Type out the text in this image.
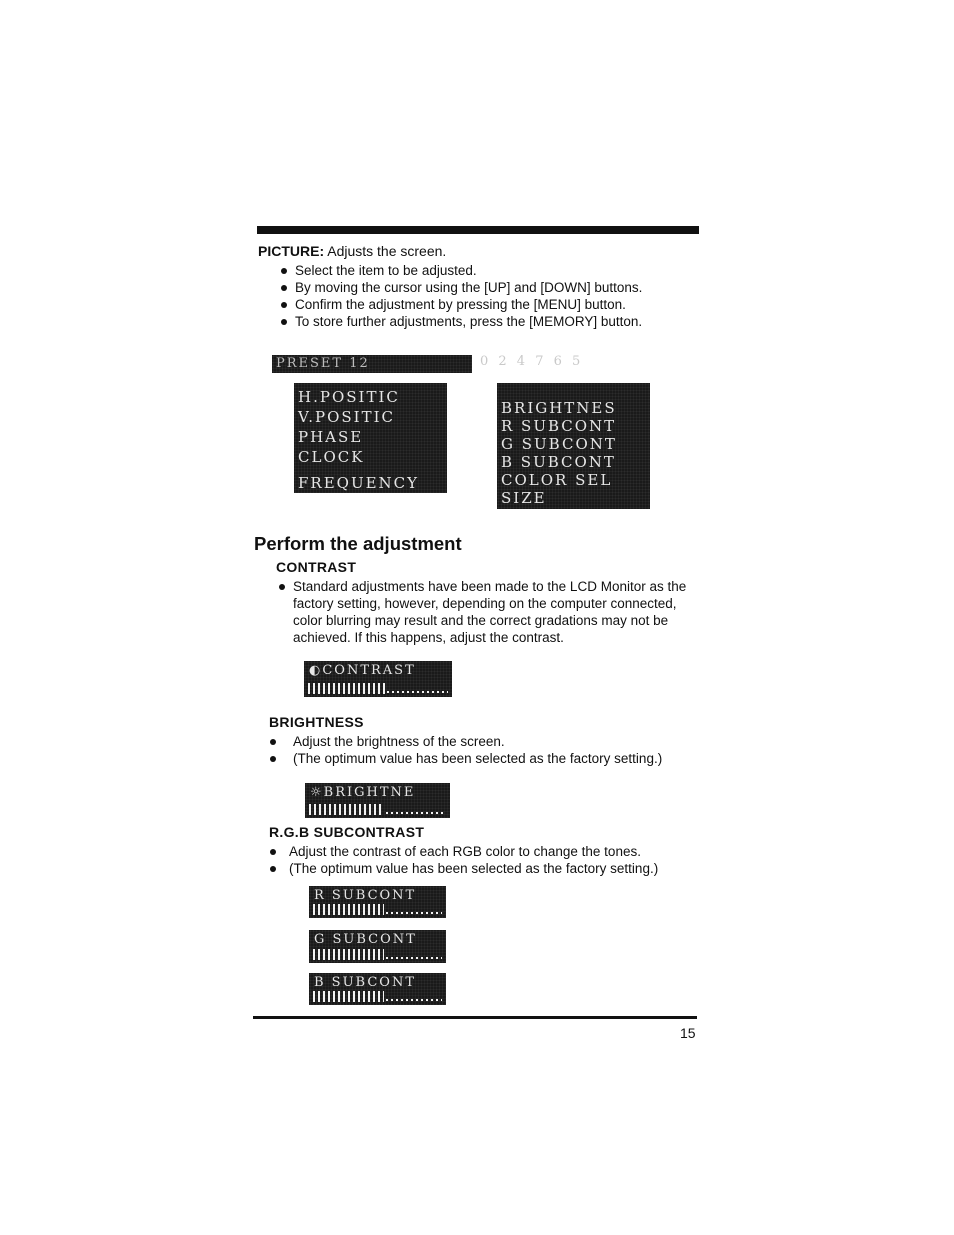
PICTURE: Adjusts the screen.
Select the item to be adjusted.
By moving the cursor using the [UP] and [DOWN] buttons.
Confirm the adjustment by pressing the [MENU] button.
To store further adjustments, press the [MEMORY] button.
PRESET 12	0 2 4 7 6 5
H.POSITIC
V.POSITIC
PHASE
CLOCK
FREQUENCY
BRIGHTNES
R SUBCONT
G SUBCONT
B SUBCONT
COLOR SEL
SIZE
Perform the adjustment
CONTRAST
Standard adjustments have been made to the LCD Monitor as the factory setting, however, depending on the computer connected, color blurring may result and the correct gradations may not be achieved. If this happens, adjust the contrast.
◐CONTRAST
BRIGHTNESS
Adjust the brightness of the screen.
(The optimum value has been selected as the factory setting.)
☼BRIGHTNE
R.G.B SUBCONTRAST
Adjust the contrast of each RGB color to change the tones.
(The optimum value has been selected as the factory setting.)
R SUBCONT
G SUBCONT
B SUBCONT
15
